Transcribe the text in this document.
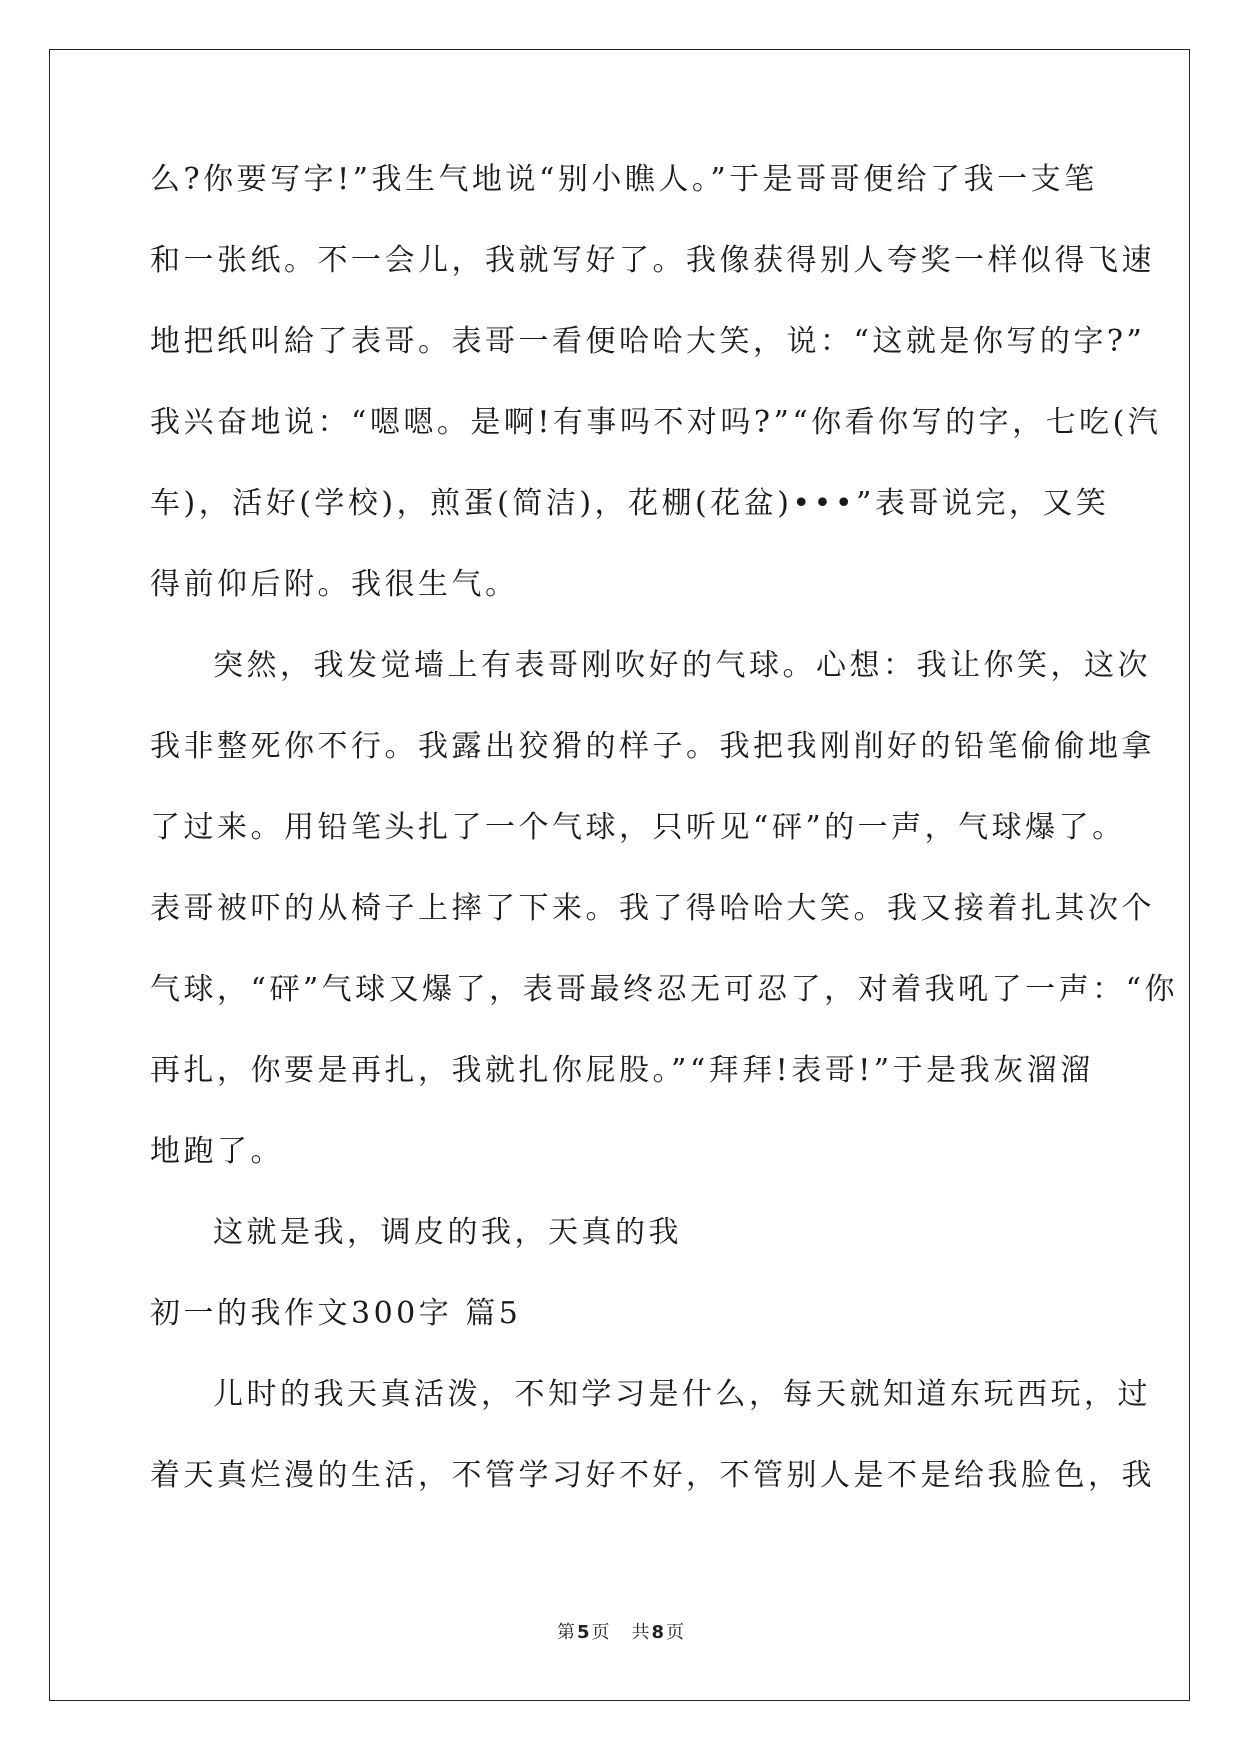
么?你要写字!”我生气地说“别小瞧人。”于是哥哥便给了我一支笔
和一张纸。不一会儿，我就写好了。我像获得别人夸奖一样似得飞速
地把纸叫給了表哥。表哥一看便哈哈大笑，说：“这就是你写的字?”
我兴奋地说：“嗯嗯。是啊!有事吗不对吗?”“你看你写的字，七吃(汽
车)，活好(学校)，煎蛋(简洁)，花棚(花盆)•••”表哥说完，又笑
得前仰后附。我很生气。
突然，我发觉墙上有表哥刚吹好的气球。心想：我让你笑，这次
我非整死你不行。我露出狡猾的样子。我把我刚削好的铅笔偷偷地拿
了过来。用铅笔头扎了一个气球，只听见“砰”的一声，气球爆了。
表哥被吓的从椅子上摔了下来。我了得哈哈大笑。我又接着扎其次个
气球，“砰”气球又爆了，表哥最终忍无可忍了，对着我吼了一声：“你
再扎，你要是再扎，我就扎你屁股。”“拜拜!表哥!”于是我灰溜溜
地跑了。
这就是我，调皮的我，天真的我
初一的我作文300字 篇5
儿时的我天真活泼，不知学习是什么，每天就知道东玩西玩，过
着天真烂漫的生活，不管学习好不好，不管别人是不是给我脸色，我
第 5 页 共 8 页
